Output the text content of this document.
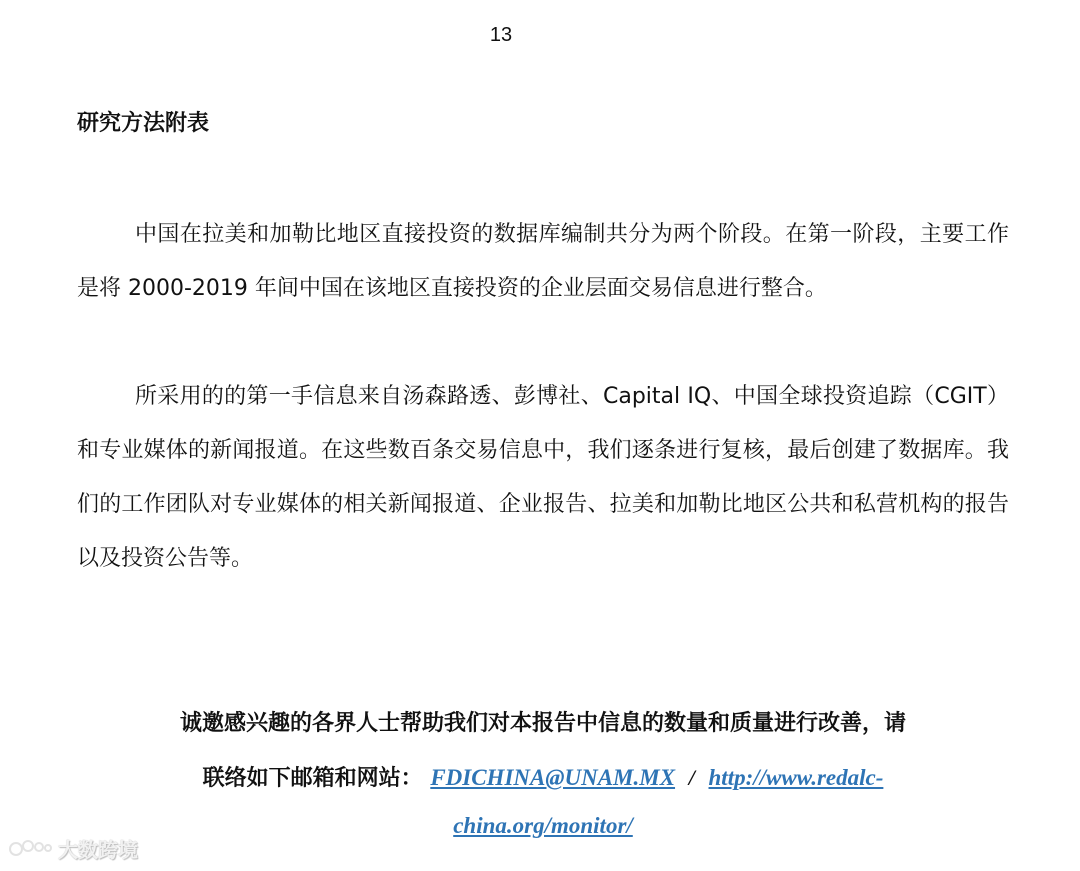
13
研究方法附表

中国在拉美和加勒比地区直接投资的数据库编制共分为两个阶段。在第一阶段，主要工作是将 2000-2019 年间中国在该地区直接投资的企业层面交易信息进行整合。

所采用的的第一手信息来自汤森路透、彭博社、Capital IQ、中国全球投资追踪（CGIT）和专业媒体的新闻报道。在这些数百条交易信息中，我们逐条进行复核，最后创建了数据库。我们的工作团队对专业媒体的相关新闻报道、企业报告、拉美和加勒比地区公共和私营机构的报告以及投资公告等。

诚邀感兴趣的各界人士帮助我们对本报告中信息的数量和质量进行改善，请
联络如下邮箱和网站： FDICHINA@UNAM.MX / http://www.redalc-
china.org/monitor/
大数跨境
